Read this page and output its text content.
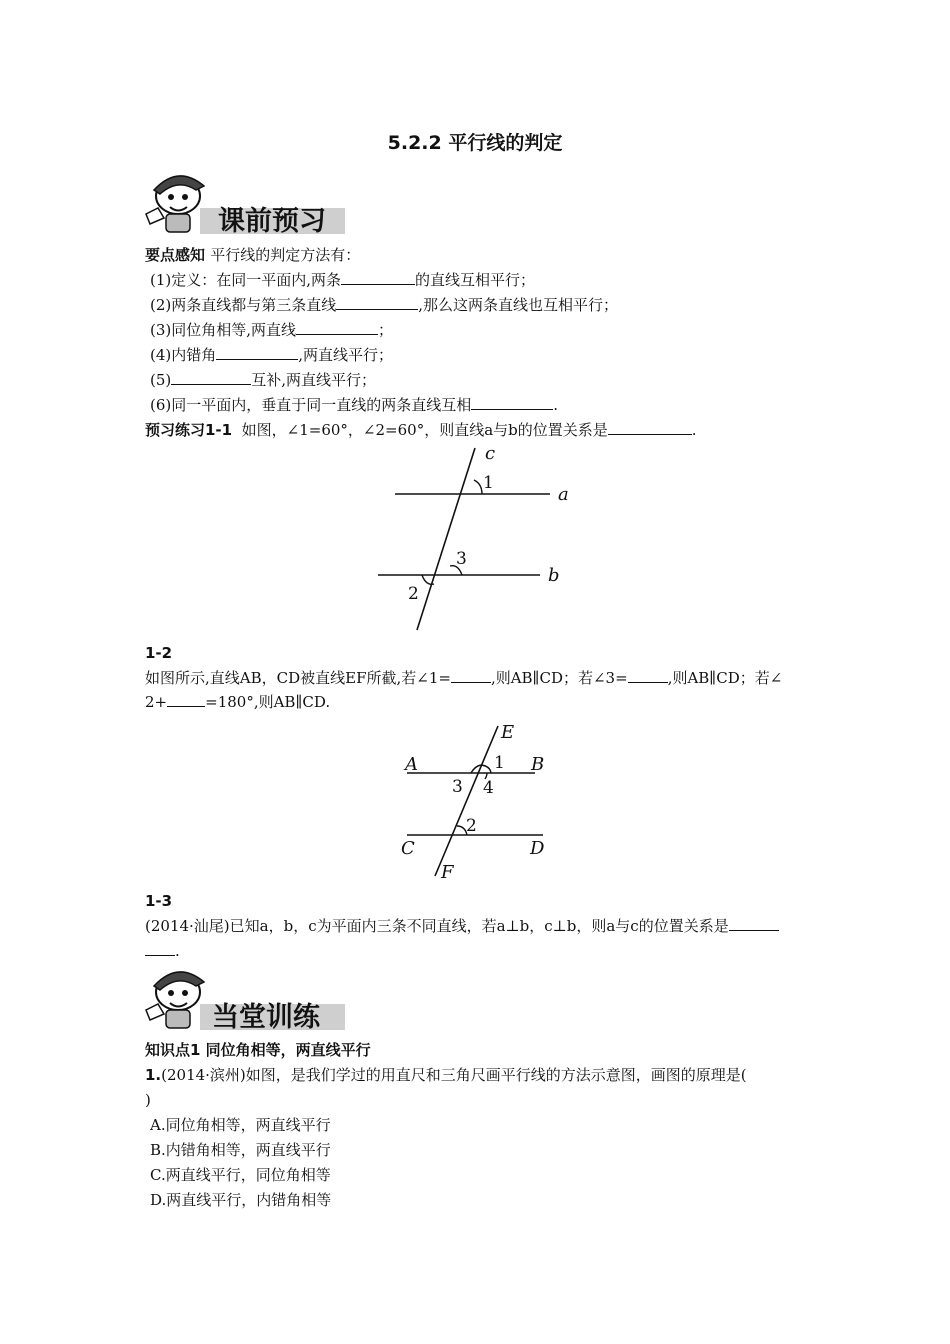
5.2.2 平行线的判定
课前预习
要点感知 平行线的判定方法有：
(1)定义：在同一平面内,两条	的直线互相平行；
(2)两条直线都与第三条直线	,那么这两条直线也互相平行；
(3)同位角相等,两直线	；
(4)内错角	,两直线平行；
(5)	互补,两直线平行；
(6)同一平面内，垂直于同一直线的两条直线互相	.
预习练习1-1 如图，∠1=60°，∠2=60°，则直线a与b的位置关系是	.
c
a
b
1
3
2
1-2
如图所示,直线AB，CD被直线EF所截,若∠1=	,则AB∥CD；若∠3=	,则AB∥CD；若∠
2+	=180°,则AB∥CD.
E
A	B
C	D
F
1
3 4
2
1-3
(2014·汕尾)已知a，b，c为平面内三条不同直线，若a⊥b，c⊥b，则a与c的位置关系是
.
当堂训练
知识点1 同位角相等，两直线平行
1.(2014·滨州)如图，是我们学过的用直尺和三角尺画平行线的方法示意图，画图的原理是(
)
A.同位角相等，两直线平行
B.内错角相等，两直线平行
C.两直线平行，同位角相等
D.两直线平行，内错角相等
